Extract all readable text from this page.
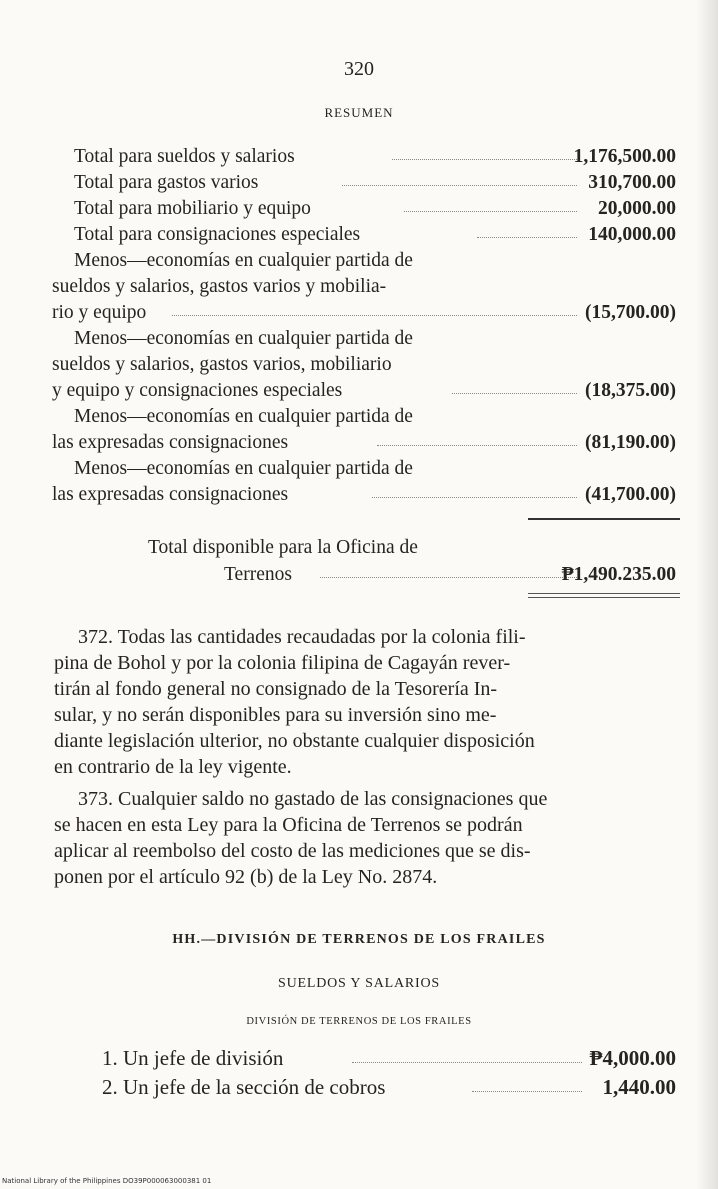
320
RESUMEN
Total para sueldos y salarios	1,176,500.00
Total para gastos varios	310,700.00
Total para mobiliario y equipo	20,000.00
Total para consignaciones especiales	140,000.00
Menos—economías en cualquier partida de
sueldos y salarios, gastos varios y mobilia-
rio y equipo	(15,700.00)
Menos—economías en cualquier partida de
sueldos y salarios, gastos varios, mobiliario
y equipo y consignaciones especiales	(18,375.00)
Menos—economías en cualquier partida de
las expresadas consignaciones	(81,190.00)
Menos—economías en cualquier partida de
las expresadas consignaciones	(41,700.00)
Total disponible para la Oficina de
Terrenos	₱1,490.235.00
372. Todas las cantidades recaudadas por la colonia fili-
pina de Bohol y por la colonia filipina de Cagayán rever-
tirán al fondo general no consignado de la Tesorería In-
sular, y no serán disponibles para su inversión sino me-
diante legislación ulterior, no obstante cualquier disposición
en contrario de la ley vigente.
373. Cualquier saldo no gastado de las consignaciones que
se hacen en esta Ley para la Oficina de Terrenos se podrán
aplicar al reembolso del costo de las mediciones que se dis-
ponen por el artículo 92 (b) de la Ley No. 2874.
HH.—DIVISIÓN DE TERRENOS DE LOS FRAILES
SUELDOS Y SALARIOS
DIVISIÓN DE TERRENOS DE LOS FRAILES
1. Un jefe de división	₱4,000.00
2. Un jefe de la sección de cobros	1,440.00
National Library of the Philippines DO39P000063000381 01
